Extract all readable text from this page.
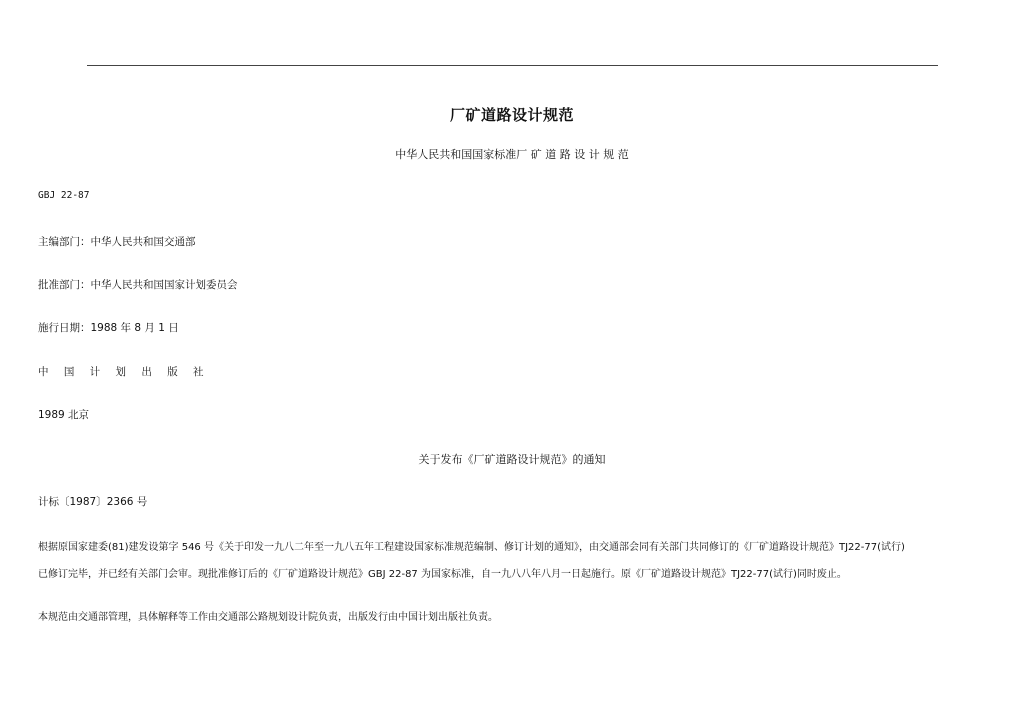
厂矿道路设计规范
中华人民共和国国家标准厂 矿 道 路 设 计 规 范
GBJ 22-87
主编部门：中华人民共和国交通部
批准部门：中华人民共和国国家计划委员会
施行日期：1988 年 8 月 1 日
中 国 计 划 出 版 社
1989 北京
关于发布《厂矿道路设计规范》的通知
计标〔1987〕2366 号
根据原国家建委(81)建发设第字 546 号《关于印发一九八二年至一九八五年工程建设国家标准规范编制、修订计划的通知》，由交通部会同有关部门共同修订的《厂矿道路设计规范》TJ22-77(试行)
已修订完毕，并已经有关部门会审。现批准修订后的《厂矿道路设计规范》GBJ 22-87 为国家标准，自一九八八年八月一日起施行。原《厂矿道路设计规范》TJ22-77(试行)同时废止。
本规范由交通部管理，具体解释等工作由交通部公路规划设计院负责，出版发行由中国计划出版社负责。
